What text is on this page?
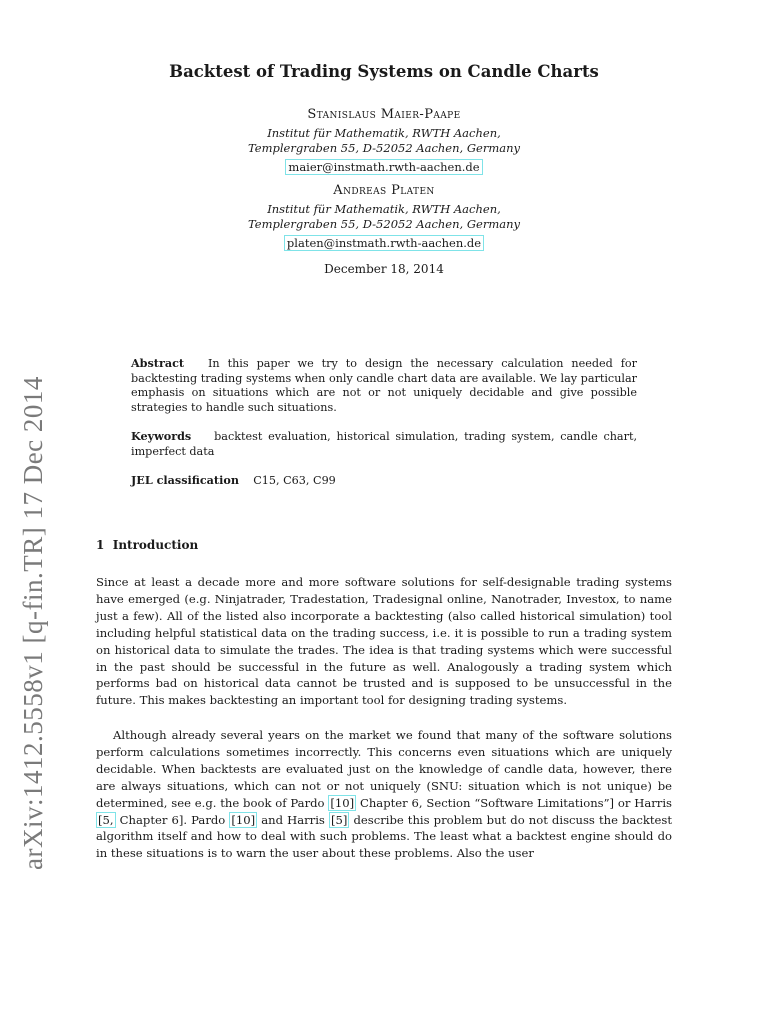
arXiv:1412.5558v1 [q-fin.TR] 17 Dec 2014
Backtest of Trading Systems on Candle Charts
Stanislaus Maier-Paape
Institut für Mathematik, RWTH Aachen,
Templergraben 55, D-52052 Aachen, Germany
maier@instmath.rwth-aachen.de
Andreas Platen
Institut für Mathematik, RWTH Aachen,
Templergraben 55, D-52052 Aachen, Germany
platen@instmath.rwth-aachen.de
December 18, 2014
Abstract In this paper we try to design the necessary calculation needed for backtesting trading systems when only candle chart data are available. We lay particular emphasis on situations which are not or not uniquely decidable and give possible strategies to handle such situations.
Keywords backtest evaluation, historical simulation, trading system, candle chart, imperfect data
JEL classification C15, C63, C99
1 Introduction

Since at least a decade more and more software solutions for self-designable trading systems have emerged (e.g. Ninjatrader, Tradestation, Tradesignal online, Nanotrader, Investox, to name just a few). All of the listed also incorporate a backtesting (also called historical simulation) tool including helpful statistical data on the trading success, i.e. it is possible to run a trading system on historical data to simulate the trades. The idea is that trading systems which were successful in the past should be successful in the future as well. Analogously a trading system which performs bad on historical data cannot be trusted and is supposed to be unsuccessful in the future. This makes backtesting an important tool for designing trading systems.

Although already several years on the market we found that many of the software solutions perform calculations sometimes incorrectly. This concerns even situations which are uniquely decidable. When backtests are evaluated just on the knowledge of candle data, however, there are always situations, which can not or not uniquely (SNU: situation which is not unique) be determined, see e.g. the book of Pardo [10] Chapter 6, Section “Software Limitations”] or Harris [5, Chapter 6]. Pardo [10] and Harris [5] describe this problem but do not discuss the backtest algorithm itself and how to deal with such problems. The least what a backtest engine should do in these situations is to warn the user about these problems. Also the user
